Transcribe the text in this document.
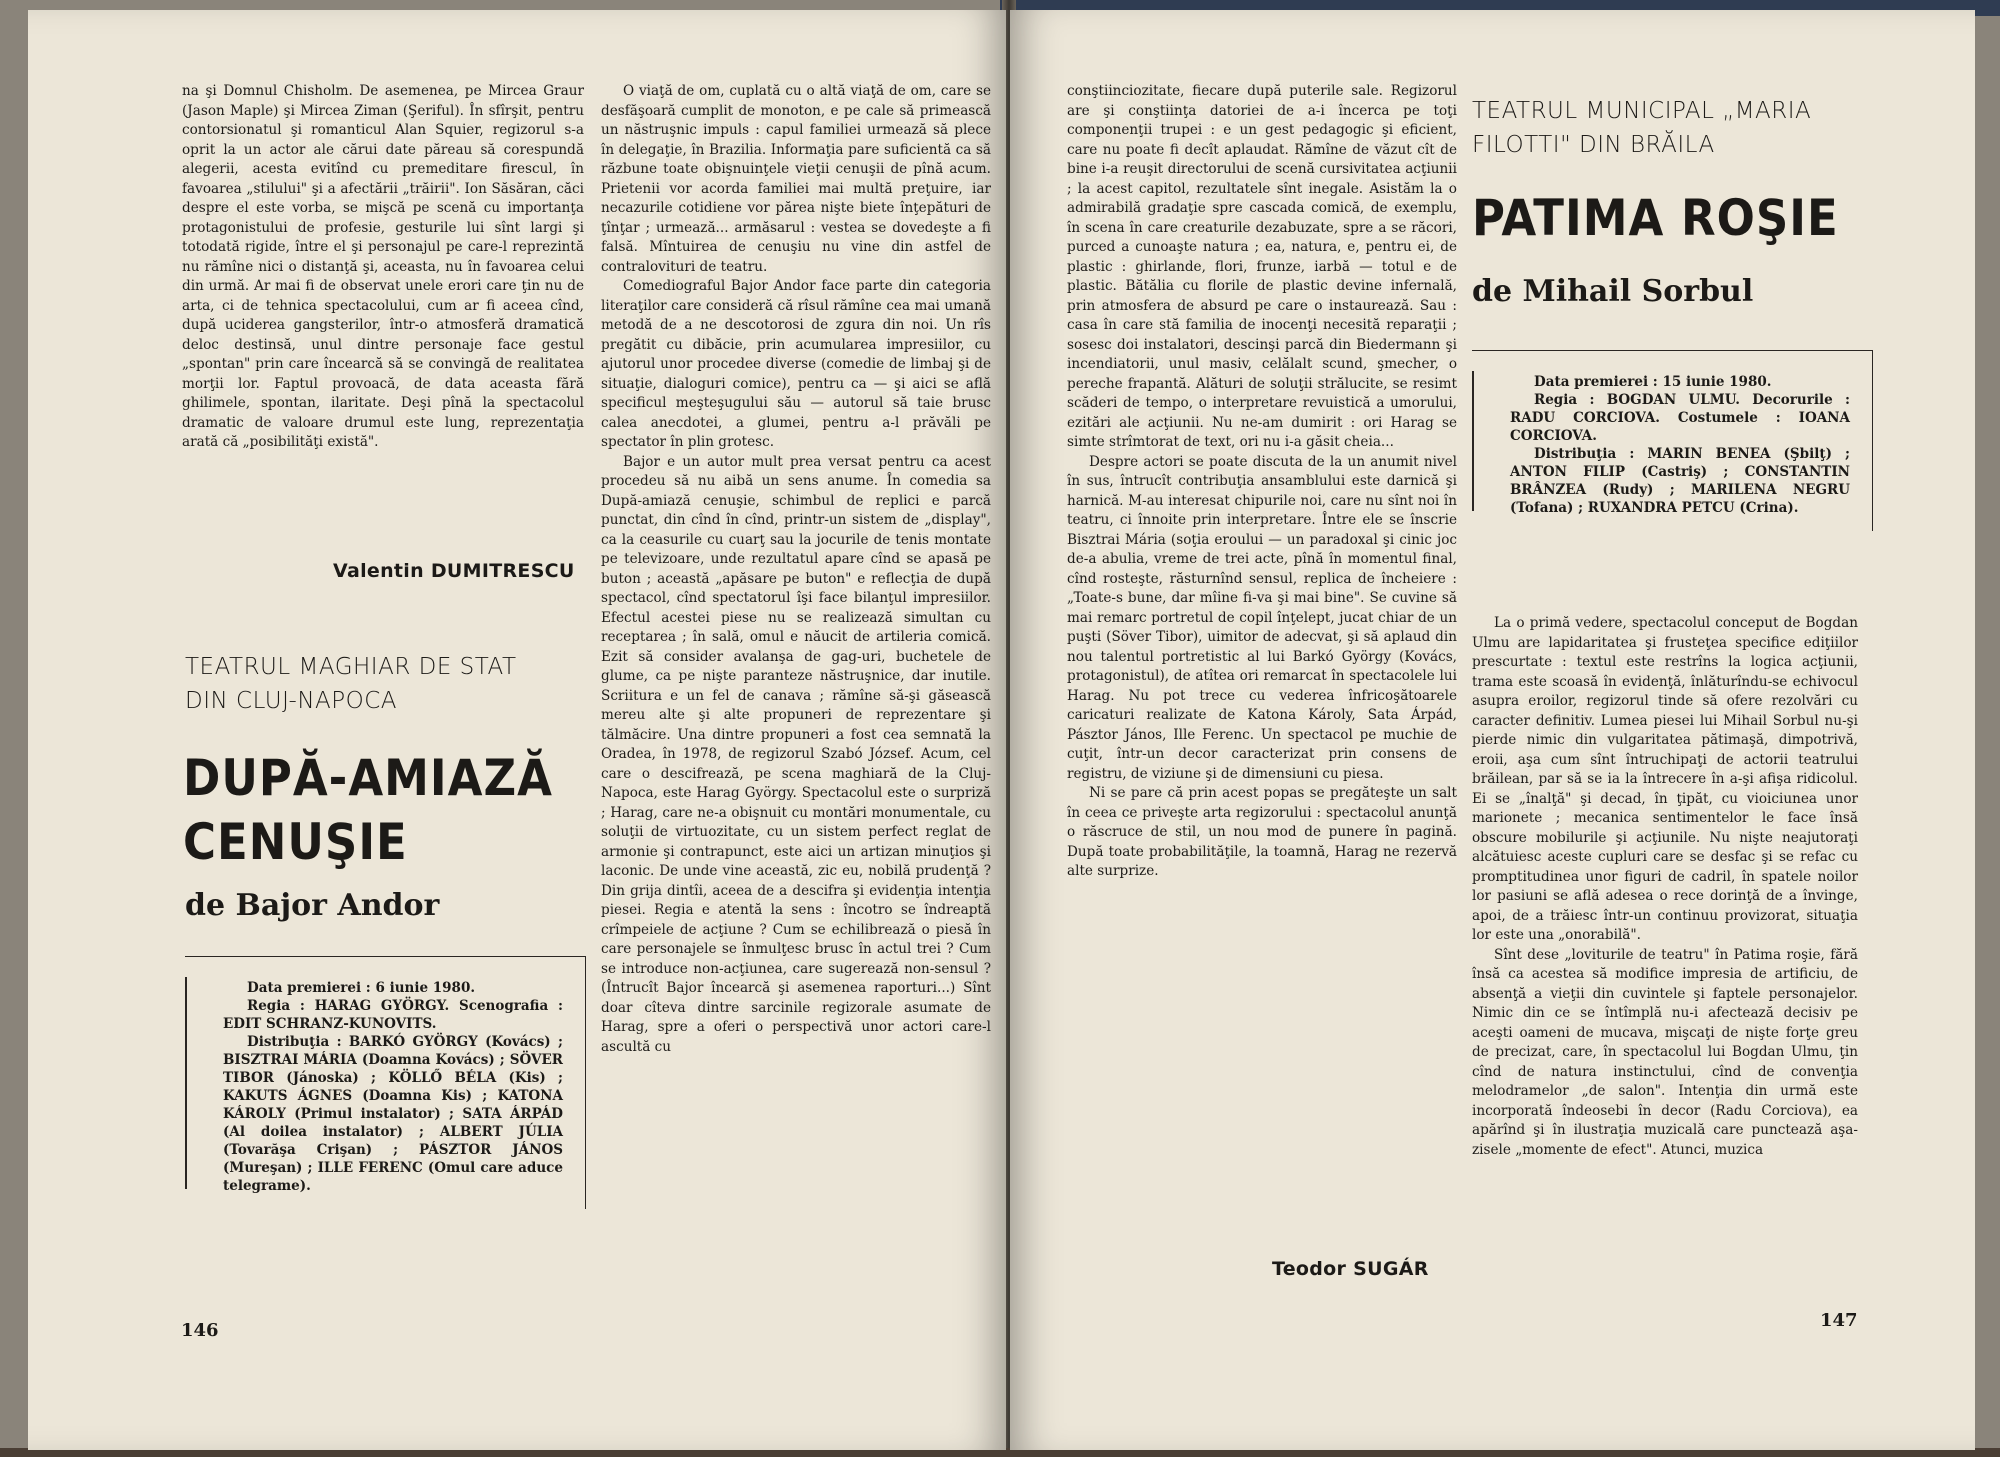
na şi Domnul Chisholm. De asemenea, pe Mircea Graur (Jason Maple) şi Mircea Ziman (Şeriful). În sfîrşit, pentru contorsionatul şi romanticul Alan Squier, regizorul s-a oprit la un actor ale cărui date păreau să corespundă alegerii, acesta evitînd cu premeditare firescul, în favoarea „stilului" şi a afectării „trăirii". Ion Săsăran, căci despre el este vorba, se mişcă pe scenă cu importanţa protagonistului de profesie, gesturile lui sînt largi şi totodată rigide, între el şi personajul pe care-l reprezintă nu rămîne nici o distanţă şi, aceasta, nu în favoarea celui din urmă. Ar mai fi de observat unele erori care ţin nu de arta, ci de tehnica spectacolului, cum ar fi aceea cînd, după uciderea gangsterilor, într-o atmosferă dramatică deloc destinsă, unul dintre personaje face gestul „spontan" prin care încearcă să se convingă de realitatea morţii lor. Faptul provoacă, de data aceasta fără ghilimele, spontan, ilaritate. Deşi pînă la spectacolul dramatic de valoare drumul este lung, reprezentaţia arată că „posibilităţi există".

Valentin DUMITRESCU
TEATRUL MAGHIAR DE STAT
DIN CLUJ-NAPOCA
DUPĂ-AMIAZĂ
CENUŞIE
de Bajor Andor

Data premierei : 6 iunie 1980.

Regia : HARAG GYÖRGY. Scenografia : EDIT SCHRANZ-KUNOVITS.

Distribuţia : BARKÓ GYÖRGY (Kovács) ; BISZTRAI MÁRIA (Doamna Kovács) ; SÖVER TIBOR (Jánoska) ; KÖLLŐ BÉLA (Kis) ; KAKUTS ÁGNES (Doamna Kis) ; KATONA KÁROLY (Primul instalator) ; SATA ÁRPÁD (Al doilea instalator) ; ALBERT JÚLIA (Tovarăşa Crişan) ; PÁSZTOR JÁNOS (Mureşan) ; ILLE FERENC (Omul care aduce telegrame).

O viaţă de om, cuplată cu o altă viaţă de om, care se desfăşoară cumplit de monoton, e pe cale să primească un năstruşnic impuls : capul familiei urmează să plece în delegaţie, în Brazilia. Informaţia pare suficientă ca să răzbune toate obişnuinţele vieţii cenuşii de pînă acum. Prietenii vor acorda familiei mai multă preţuire, iar necazurile cotidiene vor părea nişte biete înţepături de ţînţar ; urmează... armăsarul : vestea se dovedeşte a fi falsă. Mîntuirea de cenuşiu nu vine din astfel de contralovituri de teatru.

Comediograful Bajor Andor face parte din categoria literaţilor care consideră că rîsul rămîne cea mai umană metodă de a ne descotorosi de zgura din noi. Un rîs pregătit cu dibăcie, prin acumularea impresiilor, cu ajutorul unor procedee diverse (comedie de limbaj şi de situaţie, dialoguri comice), pentru ca — şi aici se află specificul meşteşugului său — autorul să taie brusc calea anecdotei, a glumei, pentru a-l prăvăli pe spectator în plin grotesc.

Bajor e un autor mult prea versat pentru ca acest procedeu să nu aibă un sens anume. În comedia sa După-amiază cenuşie, schimbul de replici e parcă punctat, din cînd în cînd, printr-un sistem de „display", ca la ceasurile cu cuarţ sau la jocurile de tenis montate pe televizoare, unde rezultatul apare cînd se apasă pe buton ; această „apăsare pe buton" e reflecţia de după spectacol, cînd spectatorul îşi face bilanţul impresiilor. Efectul acestei piese nu se realizează simultan cu receptarea ; în sală, omul e năucit de artileria comică. Ezit să consider avalanşa de gag-uri, buchetele de glume, ca pe nişte paranteze năstruşnice, dar inutile. Scriitura e un fel de canava ; rămîne să-şi găsească mereu alte şi alte propuneri de reprezentare şi tălmăcire. Una dintre propuneri a fost cea semnată la Oradea, în 1978, de regizorul Szabó József. Acum, cel care o descifrează, pe scena maghiară de la Cluj-Napoca, este Harag György. Spectacolul este o surpriză ; Harag, care ne-a obişnuit cu montări monumentale, cu soluţii de virtuozitate, cu un sistem perfect reglat de armonie şi contrapunct, este aici un artizan minuţios şi laconic. De unde vine această, zic eu, nobilă prudenţă ? Din grija dintîi, aceea de a descifra şi evidenţia intenţia piesei. Regia e atentă la sens : încotro se îndreaptă crîmpeiele de acţiune ? Cum se echilibrează o piesă în care personajele se înmulţesc brusc în actul trei ? Cum se introduce non-acţiunea, care sugerează non-sensul ? (Întrucît Bajor încearcă şi asemenea raporturi...) Sînt doar cîteva dintre sarcinile regizorale asumate de Harag, spre a oferi o perspectivă unor actori care-l ascultă cu

146

conştiinciozitate, fiecare după puterile sale. Regizorul are şi conştiinţa datoriei de a-i încerca pe toţi componenţii trupei : e un gest pedagogic şi eficient, care nu poate fi decît aplaudat. Rămîne de văzut cît de bine i-a reuşit directorului de scenă cursivitatea acţiunii ; la acest capitol, rezultatele sînt inegale. Asistăm la o admirabilă gradaţie spre cascada comică, de exemplu, în scena în care creaturile dezabuzate, spre a se răcori, purced a cunoaşte natura ; ea, natura, e, pentru ei, de plastic : ghirlande, flori, frunze, iarbă — totul e de plastic. Bătălia cu florile de plastic devine infernală, prin atmosfera de absurd pe care o instaurează. Sau : casa în care stă familia de inocenţi necesită reparaţii ; sosesc doi instalatori, descinşi parcă din Biedermann şi incendiatorii, unul masiv, celălalt scund, şmecher, o pereche frapantă. Alături de soluţii strălucite, se resimt scăderi de tempo, o interpretare revuistică a umorului, ezitări ale acţiunii. Nu ne-am dumirit : ori Harag se simte strîmtorat de text, ori nu i-a găsit cheia...

Despre actori se poate discuta de la un anumit nivel în sus, întrucît contribuţia ansamblului este darnică şi harnică. M-au interesat chipurile noi, care nu sînt noi în teatru, ci înnoite prin interpretare. Între ele se înscrie Bisztrai Mária (soţia eroului — un paradoxal şi cinic joc de-a abulia, vreme de trei acte, pînă în momentul final, cînd rosteşte, răsturnînd sensul, replica de încheiere : „Toate-s bune, dar mîine fi-va şi mai bine". Se cuvine să mai remarc portretul de copil înţelept, jucat chiar de un puşti (Söver Tibor), uimitor de adecvat, şi să aplaud din nou talentul portretistic al lui Barkó György (Kovács, protagonistul), de atîtea ori remarcat în spectacolele lui Harag. Nu pot trece cu vederea înfricoşătoarele caricaturi realizate de Katona Károly, Sata Árpád, Pásztor János, Ille Ferenc. Un spectacol pe muchie de cuţit, într-un decor caracterizat prin consens de registru, de viziune şi de dimensiuni cu piesa.

Ni se pare că prin acest popas se pregăteşte un salt în ceea ce priveşte arta regizorului : spectacolul anunţă o răscruce de stil, un nou mod de punere în pagină. După toate probabilităţile, la toamnă, Harag ne rezervă alte surprize.

Teodor SUGÁR
TEATRUL MUNICIPAL „MARIA
FILOTTI" DIN BRĂILA
PATIMA ROŞIE
de Mihail Sorbul

Data premierei : 15 iunie 1980.

Regia : BOGDAN ULMU. Decorurile : RADU CORCIOVA. Costumele : IOANA CORCIOVA.

Distribuţia : MARIN BENEA (Şbilţ) ; ANTON FILIP (Castriş) ; CONSTANTIN BRÂNZEA (Rudy) ; MARILENA NEGRU (Tofana) ; RUXANDRA PETCU (Crina).

La o primă vedere, spectacolul conceput de Bogdan Ulmu are lapidaritatea şi frusteţea specifice ediţiilor prescurtate : textul este restrîns la logica acţiunii, trama este scoasă în evidenţă, înlăturîndu-se echivocul asupra eroilor, regizorul tinde să ofere rezolvări cu caracter definitiv. Lumea piesei lui Mihail Sorbul nu-şi pierde nimic din vulgaritatea pătimaşă, dimpotrivă, eroii, aşa cum sînt întruchipaţi de actorii teatrului brăilean, par să se ia la întrecere în a-şi afişa ridicolul. Ei se „înalţă" şi decad, în ţipăt, cu vioiciunea unor marionete ; mecanica sentimentelor le face însă obscure mobilurile şi acţiunile. Nu nişte neajutoraţi alcătuiesc aceste cupluri care se desfac şi se refac cu promptitudinea unor figuri de cadril, în spatele noilor lor pasiuni se află adesea o rece dorinţă de a învinge, apoi, de a trăiesc într-un continuu provizorat, situaţia lor este una „onorabilă".

Sînt dese „loviturile de teatru" în Patima roşie, fără însă ca acestea să modifice impresia de artificiu, de absenţă a vieţii din cuvintele şi faptele personajelor. Nimic din ce se întîmplă nu-i afectează decisiv pe aceşti oameni de mucava, mişcaţi de nişte forţe greu de precizat, care, în spectacolul lui Bogdan Ulmu, ţin cînd de natura instinctului, cînd de convenţia melodramelor „de salon". Intenţia din urmă este incorporată îndeosebi în decor (Radu Corciova), ea apărînd şi în ilustraţia muzicală care punctează aşa-zisele „momente de efect". Atunci, muzica

147
